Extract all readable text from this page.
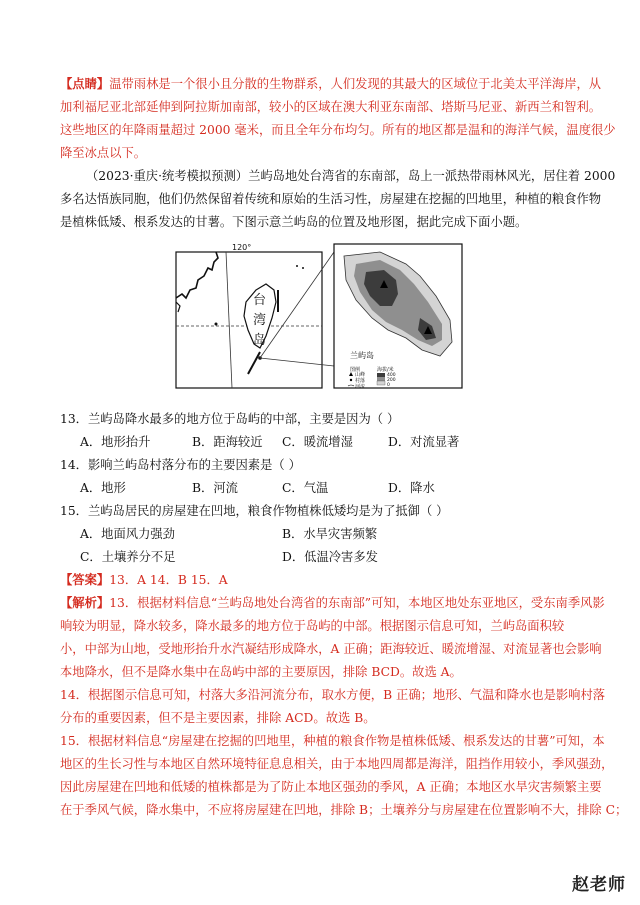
【点睛】温带雨林是一个很小且分散的生物群系，人们发现的其最大的区域位于北美太平洋海岸，从
加利福尼亚北部延伸到阿拉斯加南部，较小的区域在澳大利亚东南部、塔斯马尼亚、新西兰和智利。
这些地区的年降雨量超过 2000 毫米，而且全年分布均匀。所有的地区都是温和的海洋气候，温度很少
降至冰点以下。
（2023·重庆·统考模拟预测）兰屿岛地处台湾省的东南部，岛上一派热带雨林风光，居住着 2000
多名达悟族同胞，他们仍然保留着传统和原始的生活习性，房屋建在挖掘的凹地里，种植的粮食作物
是植株低矮、根系发达的甘薯。下图示意兰屿岛的位置及地形图，据此完成下面小题。
120°
台
湾
岛
兰屿岛
图例
山峰
村落
河流
海拔/米
400
200
0
13．兰屿岛降水最多的地方位于岛屿的中部，主要是因为（ ）
A．地形抬升	B．距海较近 C．暖流增湿	D．对流显著
14．影响兰屿岛村落分布的主要因素是（ ）
A．地形	B．河流	C．气温	D．降水
15．兰屿岛居民的房屋建在凹地，粮食作物植株低矮均是为了抵御（ ）
A．地面风力强劲	B．水旱灾害频繁
C．土壤养分不足	D．低温冷害多发
【答案】13．A 14．B 15．A
【解析】13．根据材料信息“兰屿岛地处台湾省的东南部”可知，本地区地处东亚地区，受东南季风影
响较为明显，降水较多，降水最多的地方位于岛屿的中部。根据图示信息可知，兰屿岛面积较
小，中部为山地，受地形抬升水汽凝结形成降水，A 正确；距海较近、暖流增湿、对流显著也会影响
本地降水，但不是降水集中在岛屿中部的主要原因，排除 BCD。故选 A。
14．根据图示信息可知，村落大多沿河流分布，取水方便，B 正确；地形、气温和降水也是影响村落
分布的重要因素，但不是主要因素，排除 ACD。故选 B。
15．根据材料信息“房屋建在挖掘的凹地里，种植的粮食作物是植株低矮、根系发达的甘薯”可知，本
地区的生长习性与本地区自然环境特征息息相关，由于本地四周都是海洋，阻挡作用较小，季风强劲，
因此房屋建在凹地和低矮的植株都是为了防止本地区强劲的季风，A 正确；本地区水旱灾害频繁主要
在于季风气候，降水集中，不应将房屋建在凹地，排除 B；土壤养分与房屋建在位置影响不大，排除 C；
赵老师
